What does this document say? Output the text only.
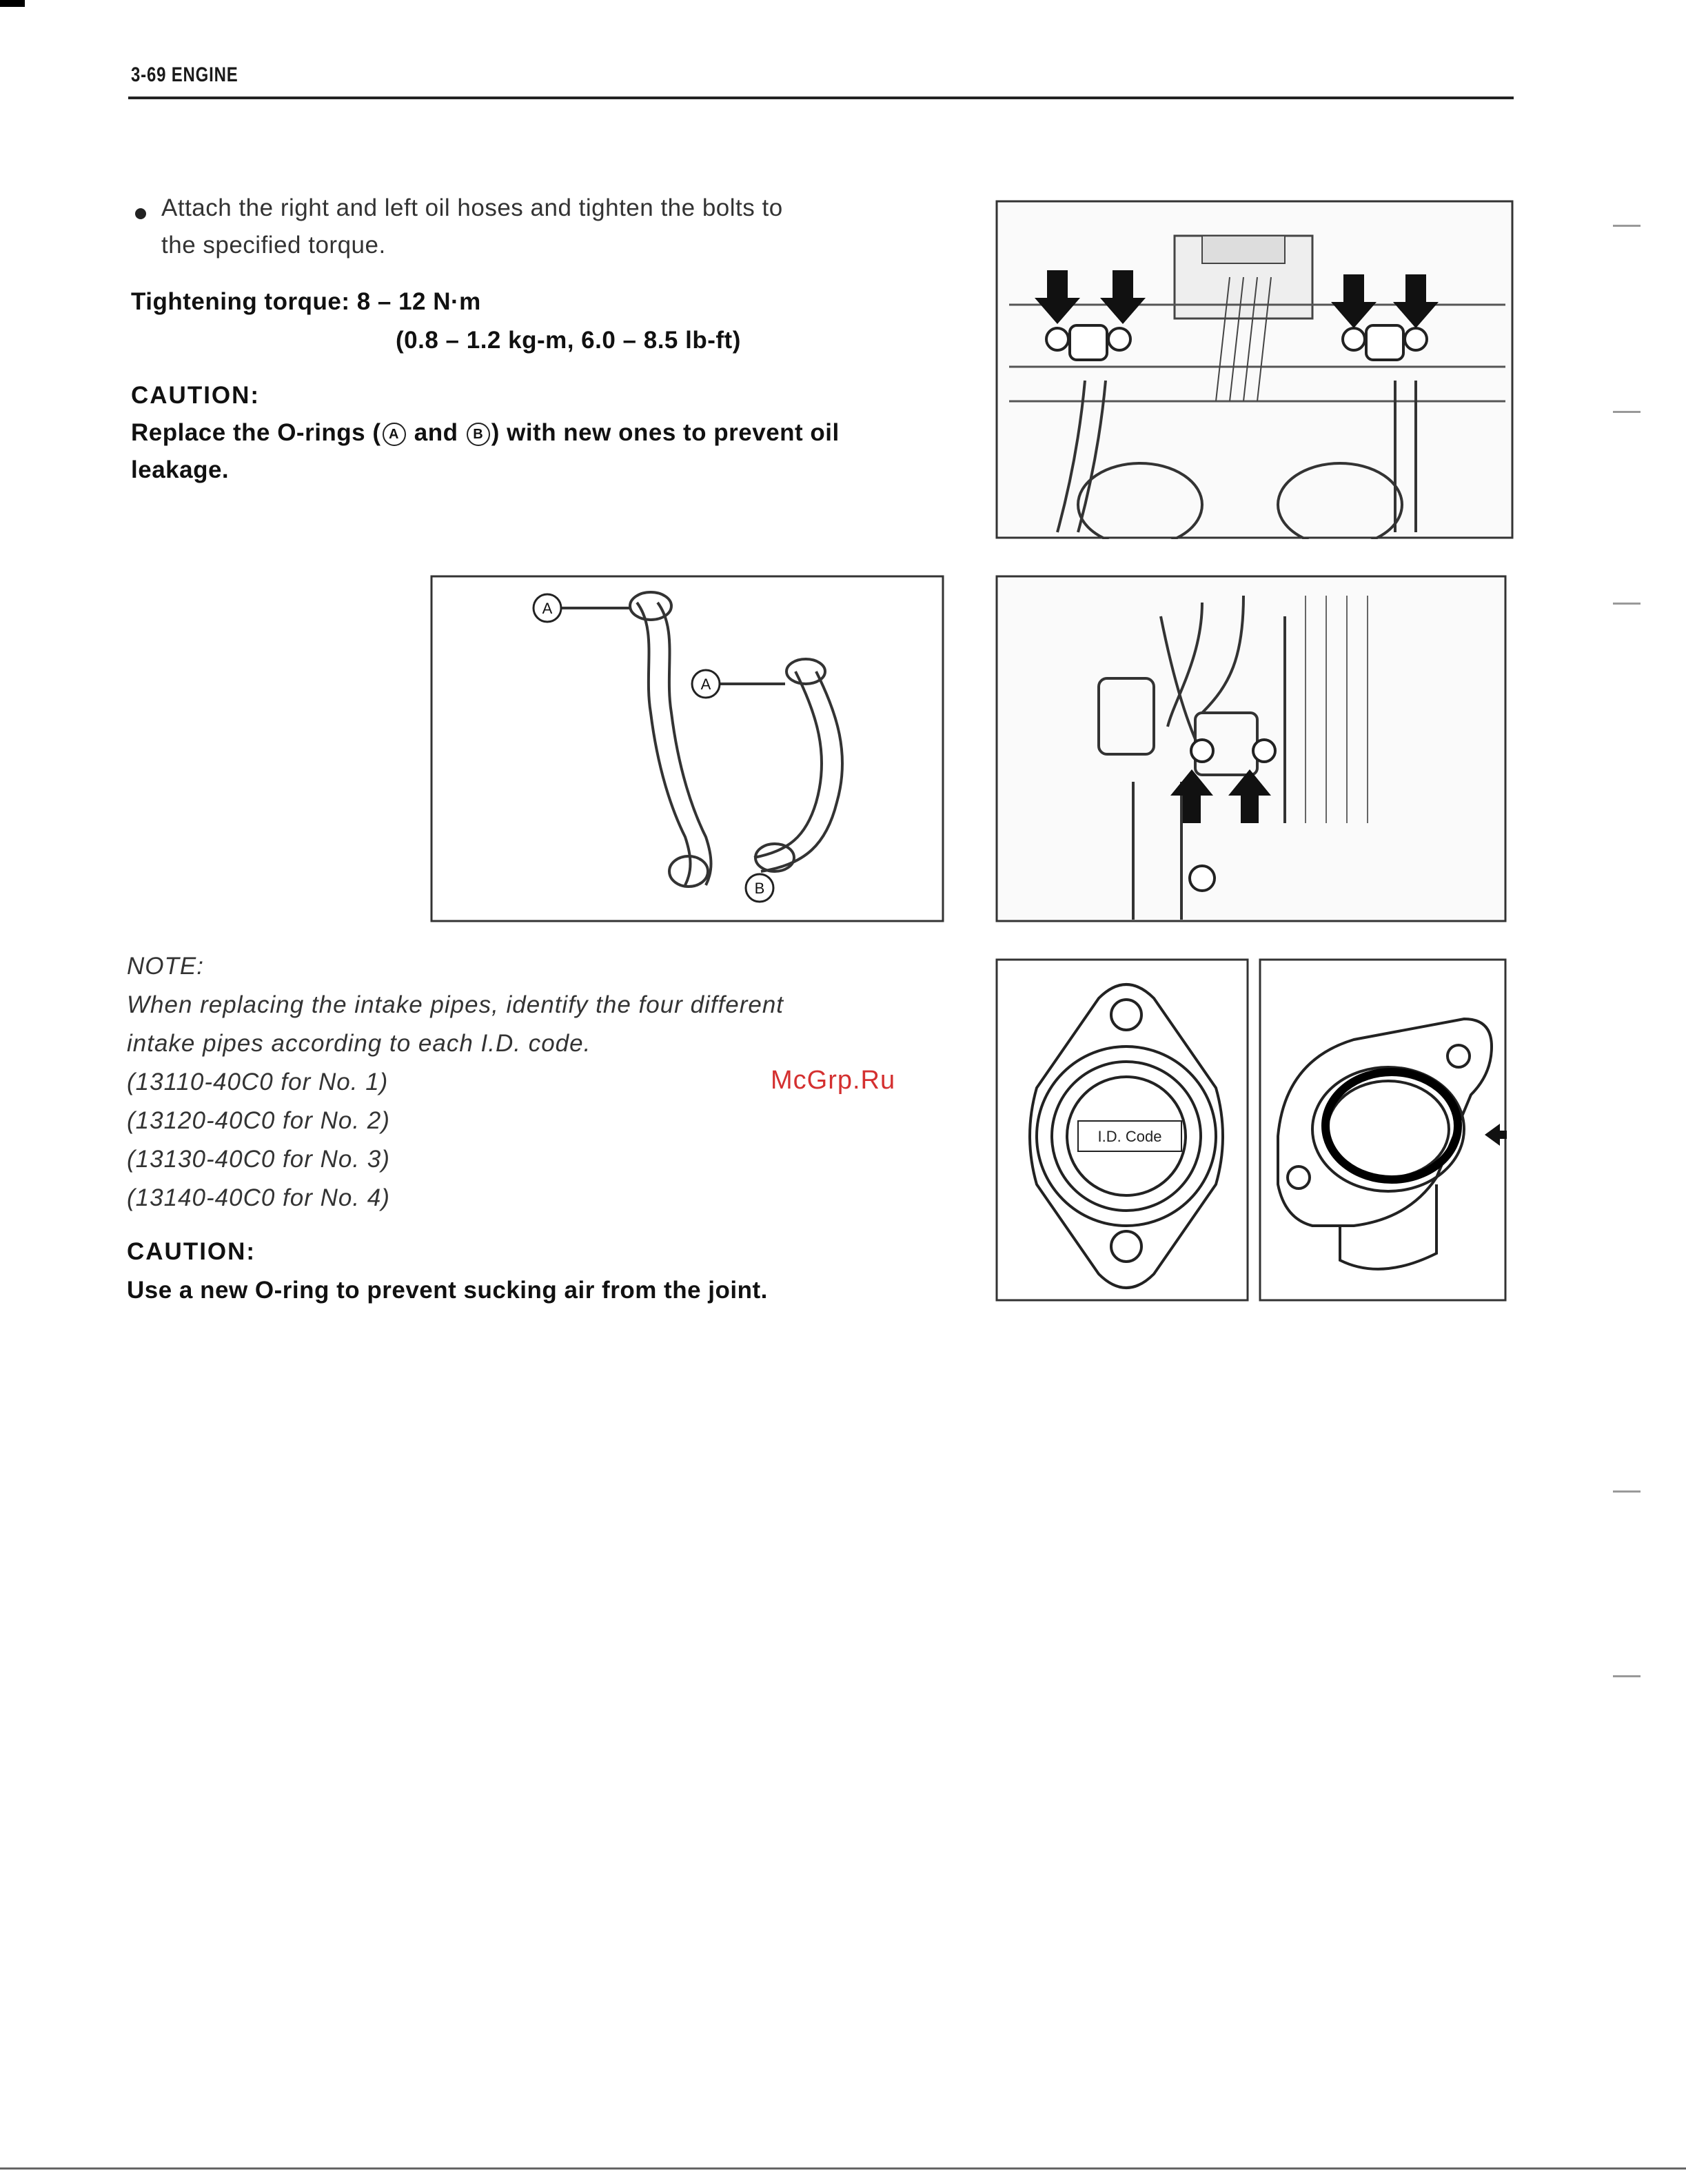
3-69 ENGINE
Attach the right and left oil hoses and tighten the bolts to
the specified torque.
Tightening torque: 8 – 12 N·m
(0.8 – 1.2 kg-m, 6.0 – 8.5 lb-ft)
CAUTION:
Replace the O-rings ( A and B ) with new ones to prevent oil
leakage.
A
A
B
NOTE:
When replacing the intake pipes, identify the four different
intake pipes according to each I.D. code.
(13110-40C0 for No. 1)
(13120-40C0 for No. 2)
(13130-40C0 for No. 3)
(13140-40C0 for No. 4)
McGrp.Ru
CAUTION:
Use a new O-ring to prevent sucking air from the joint.
I.D. Code
